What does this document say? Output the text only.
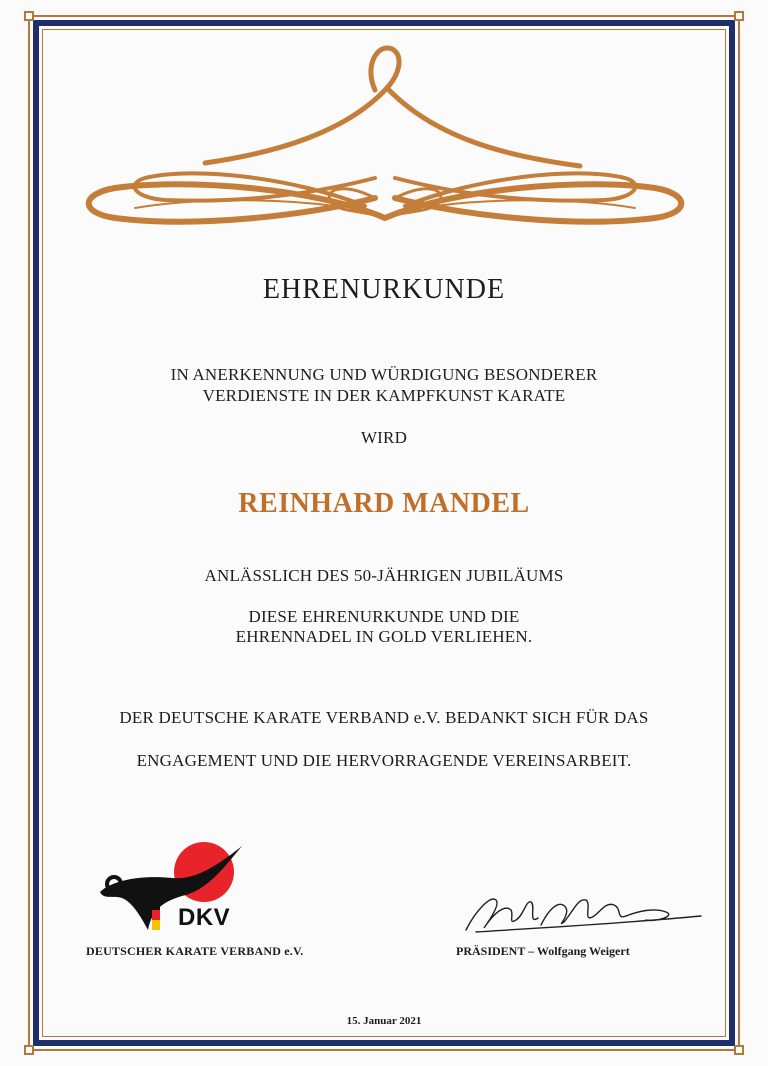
EHRENURKUNDE

IN ANERKENNUNG UND WÜRDIGUNG BESONDERER

VERDIENSTE IN DER KAMPFKUNST KARATE

WIRD

REINHARD MANDEL

ANLÄSSLICH DES 50-JÄHRIGEN JUBILÄUMS

DIESE EHRENURKUNDE UND DIE

EHRENNADEL IN GOLD VERLIEHEN.

DER DEUTSCHE KARATE VERBAND e.V. BEDANKT SICH FÜR DAS

ENGAGEMENT UND DIE HERVORRAGENDE VEREINSARBEIT.

DKV
DEUTSCHER KARATE VERBAND e.V.	PRÄSIDENT – Wolfgang Weigert
15. Januar 2021
